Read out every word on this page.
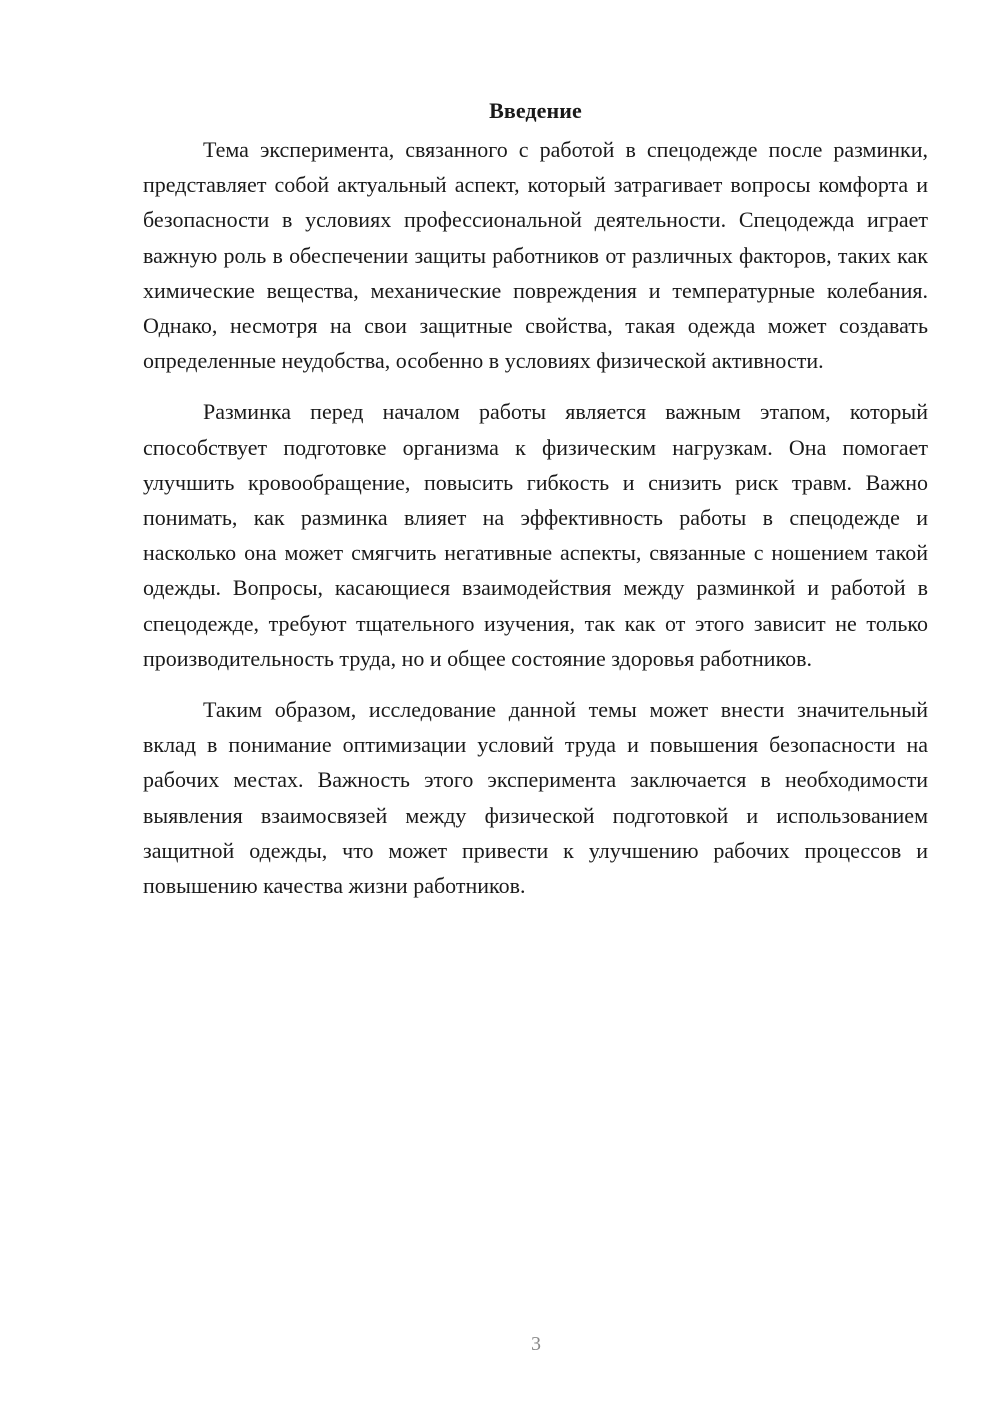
Введение

Тема эксперимента, связанного с работой в спецодежде после разминки, представляет собой актуальный аспект, который затрагивает вопросы комфорта и безопасности в условиях профессиональной деятельности. Спецодежда играет важную роль в обеспечении защиты работников от различных факторов, таких как химические вещества, механические повреждения и температурные колебания. Однако, несмотря на свои защитные свойства, такая одежда может создавать определенные неудобства, особенно в условиях физической активности.

Разминка перед началом работы является важным этапом, который способствует подготовке организма к физическим нагрузкам. Она помогает улучшить кровообращение, повысить гибкость и снизить риск травм. Важно понимать, как разминка влияет на эффективность работы в спецодежде и насколько она может смягчить негативные аспекты, связанные с ношением такой одежды. Вопросы, касающиеся взаимодействия между разминкой и работой в спецодежде, требуют тщательного изучения, так как от этого зависит не только производительность труда, но и общее состояние здоровья работников.

Таким образом, исследование данной темы может внести значительный вклад в понимание оптимизации условий труда и повышения безопасности на рабочих местах. Важность этого эксперимента заключается в необходимости выявления взаимосвязей между физической подготовкой и использованием защитной одежды, что может привести к улучшению рабочих процессов и повышению качества жизни работников.

3
